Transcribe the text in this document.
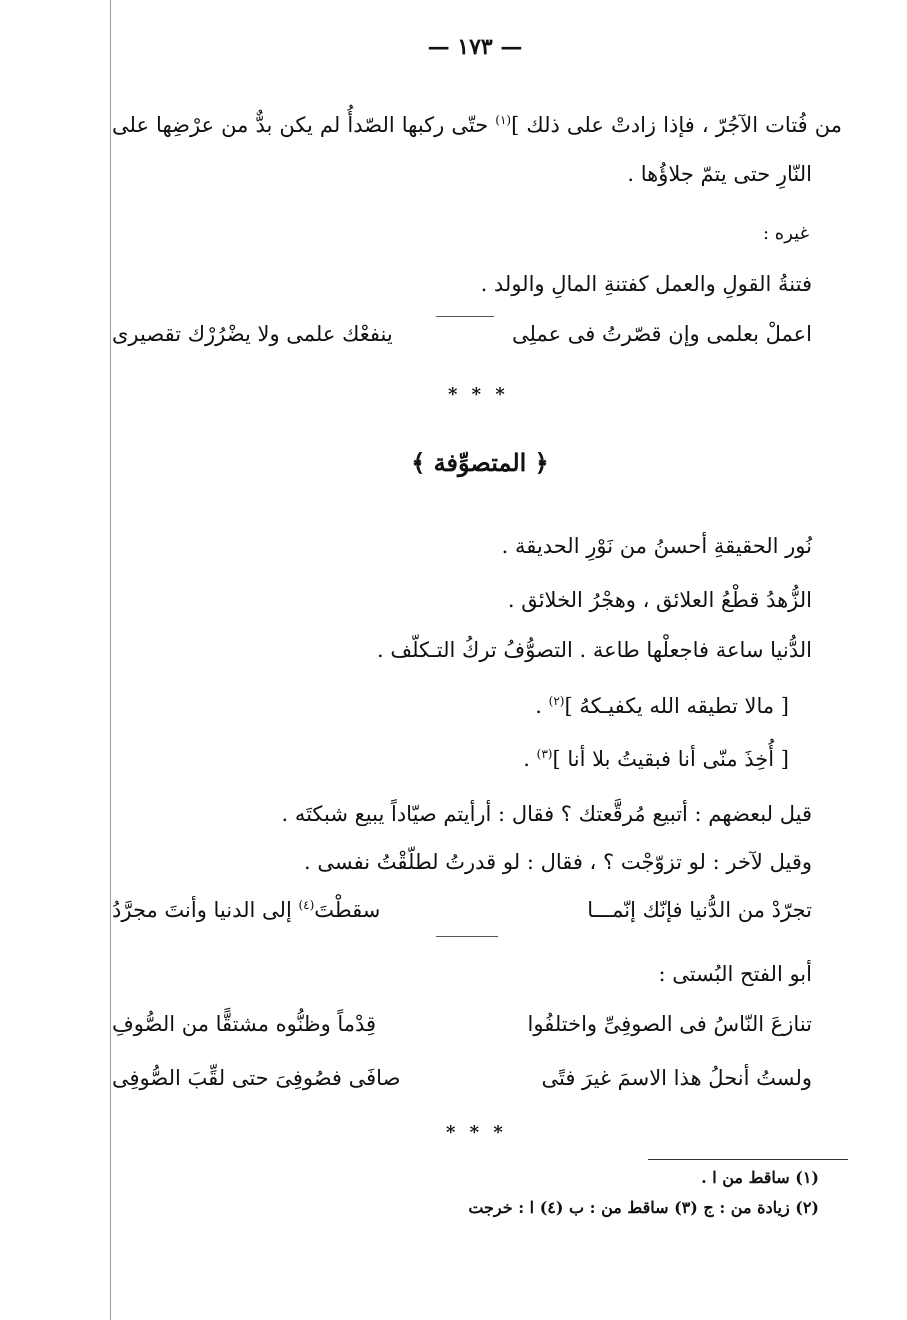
— ١٧٣ —
من فُتات الآجُرّ ، فإذا زادتْ على ذلك ]$^{(١)}$ حتّى ركبها الصّدأُ لم يكن بدٌّ من عرْضِها على
النّارِ حتى يتمّ جلاؤُها .
غيره :
فتنةُ القولِ والعمل كفتنةِ المالِ والولد .
اعملْ بعلمى وإن قصّرتُ فى عملِى
ينفعْك علمى ولا يضْرُرْك تقصيرى
* * *
﴿ المتصوِّفة ﴾
نُور الحقيقةِ أحسنُ من نَوْرِ الحديقة .
الزُّهدُ قطْعُ العلائق ، وهجْرُ الخلائق .
الدُّنيا ساعة فاجعلْها طاعة . التصوُّفُ تركُ التـكلّف .
[ مالا تطيقه الله يكفيـكهُ ]$^{(٢)}$ .
[ أُخِذَ منّى أنا فبقيتُ بلا أنا ]$^{(٣)}$ .
قيل لبعضهم : أتبيع مُرقَّعتك ؟ فقال : أرأيتم صيّاداً يبيع شبكتَه .
وقيل لآخر : لو تزوّجْت ؟ ، فقال : لو قدرتُ لطلّقْتُ نفسى .
تجرّدْ من الدُّنيا فإنّك إنّمـــا
سقطْتَ$^{(٤)}$ إلى الدنيا وأنتَ مجرَّدُ
أبو الفتح البُستى :
تنازعَ النّاسُ فى الصوفِىِّ واختلفُوا
قِدْماً وظنُّوه مشتقًّا من الصُّوفِ
ولستُ أنحلُ هذا الاسمَ غيرَ فتًى
صافَى فصُوفِىَ حتى لقِّبَ الصُّوفِى
* * *
(١) ساقط من ا .
(٢) زيادة من : ج (٣) ساقط من : ب (٤) ا : خرجت
